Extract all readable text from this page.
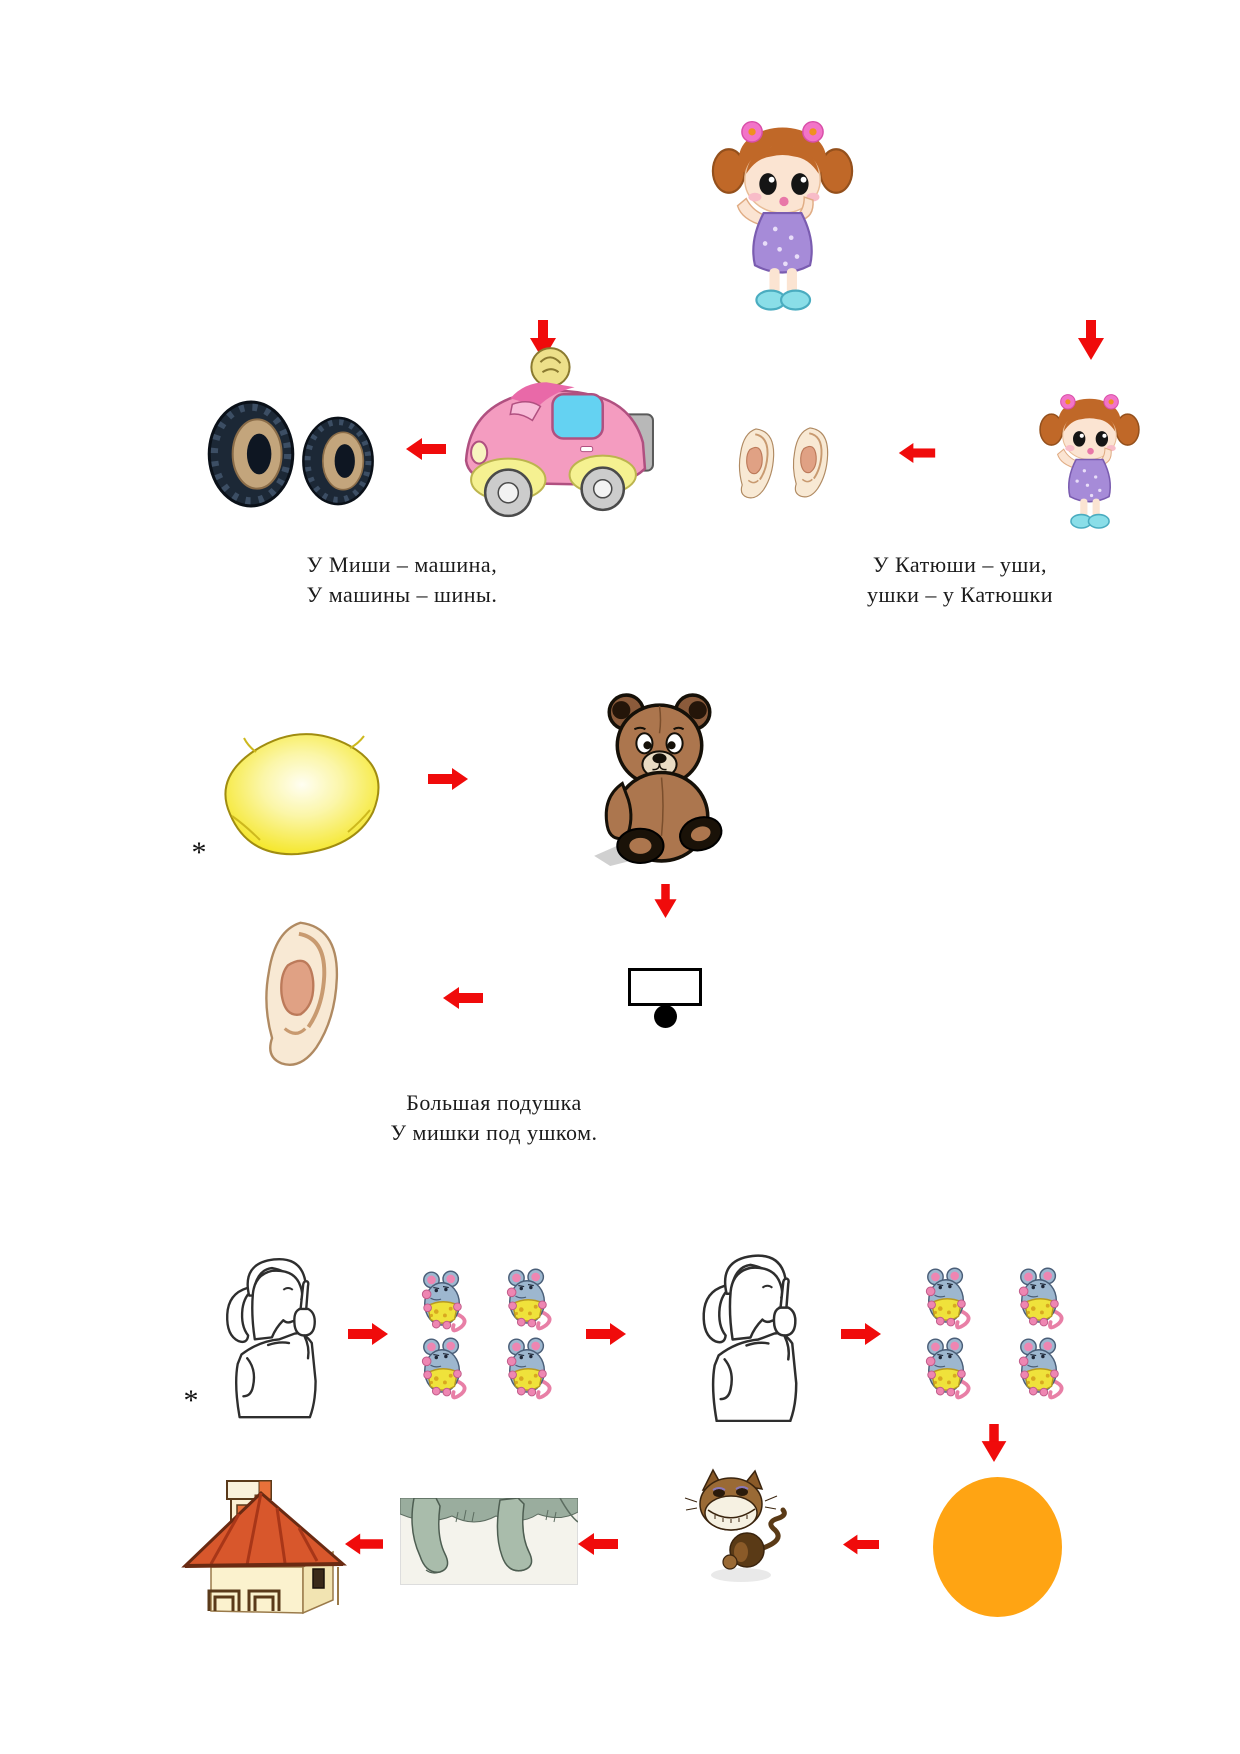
У Миши – машина,
У машины – шины.
У Катюши – уши,
ушки – у Катюшки
*
Большая подушка
У мишки под ушком.
*
